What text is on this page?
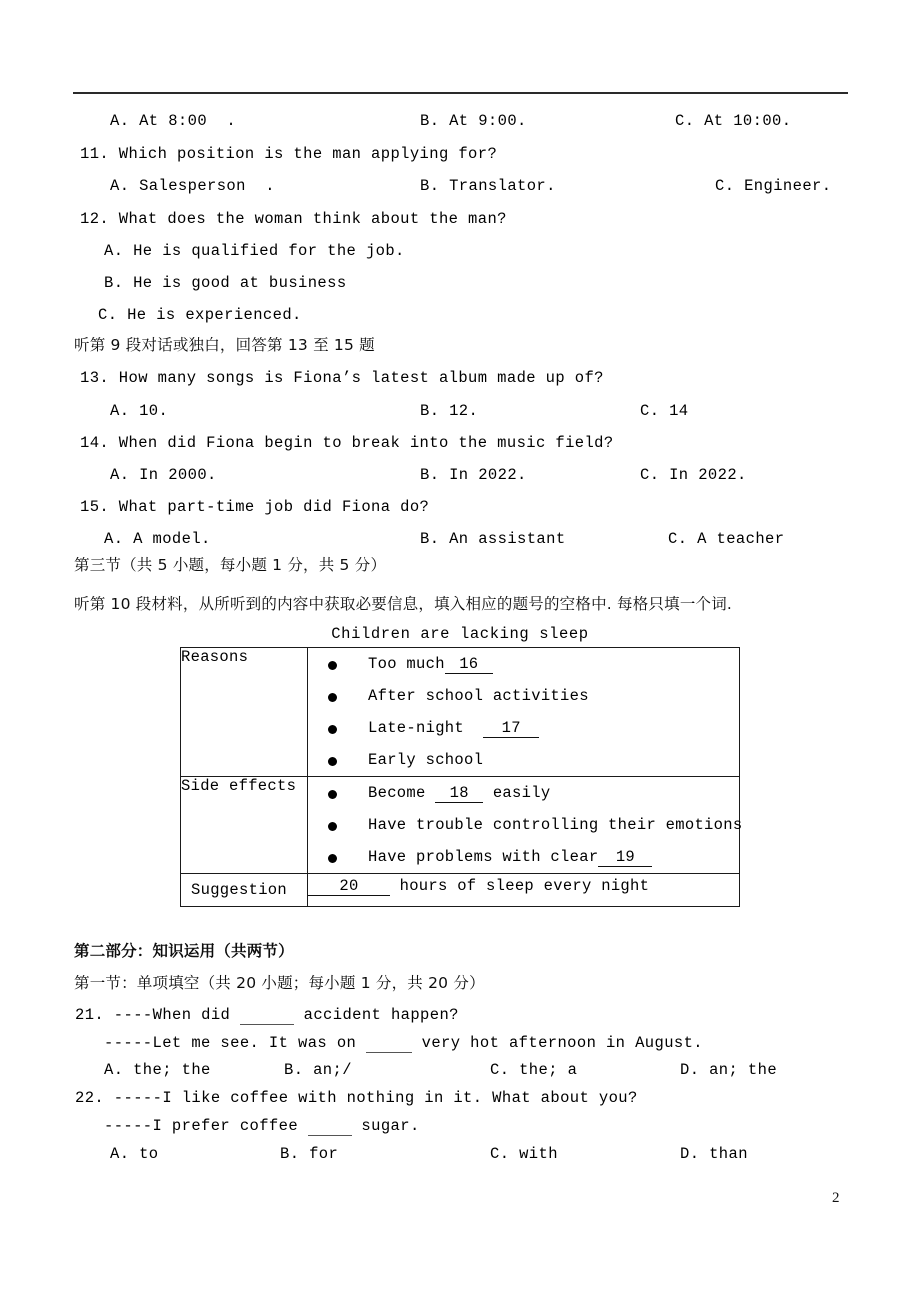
A. At 8:00  .	B. At 9:00.	C. At 10:00.
11. Which position is the man applying for?
A. Salesperson  .	B. Translator.	C. Engineer.
12. What does the woman think about the man?
A. He is qualified for the job.
B. He is good at business
C. He is experienced.
听第 9 段对话或独白，回答第 13 至 15 题
13. How many songs is Fiona’s latest album made up of?
A. 10.	B. 12.	C. 14
14. When did Fiona begin to break into the music field?
A. In 2000.	B. In 2022.	C. In 2022.
15. What part-time job did Fiona do?
A. A model.	B. An assistant	C. A teacher
第三节（共 5 小题，每小题 1 分，共 5 分）
听第 10 段材料，从所听到的内容中获取必要信息，填入相应的题号的空格中. 每格只填一个词.
Children are lacking sleep
Reasons	Too much 16
After school activities
Late-night  17
Early school

Side effects	Become 18 easily
Have trouble controlling their emotions
Have problems with clear 19

Suggestion	20 hours of sleep every night
第二部分：知识运用（共两节）
第一节：单项填空（共 20 小题；每小题 1 分，共 20 分）
21. ----When did	accident happen?
-----Let me see. It was on	very hot afternoon in August.
A. the; the	B. an;/	C. the; a	D. an; the
22. -----I like coffee with nothing in it. What about you?
-----I prefer coffee	sugar.
A. to	B. for	C. with	D. than
2
